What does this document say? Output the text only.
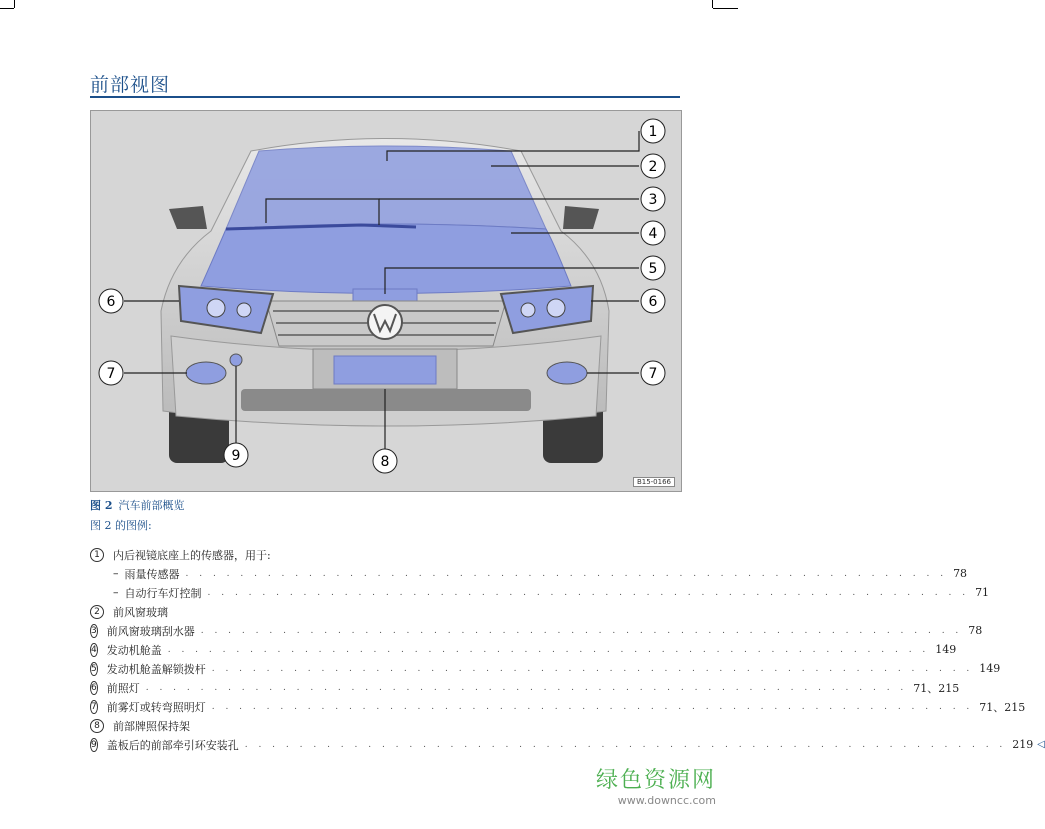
前部视图
1
2
3
4
5
6	6
7	7
8
9
B15-0166
图 2 汽车前部概览
图 2 的图例:
1	内后视镜底座上的传感器，用于:
– 雨量传感器 . . . . . . . . . . . . . . . . . . . . . . . . . . . . . . . . . . . . . . . . . . . . . . . . . . . . . . . . 78
– 自动行车灯控制 . . . . . . . . . . . . . . . . . . . . . . . . . . . . . . . . . . . . . . . . . . . . . . . . . . . . . . . . 71
2	前风窗玻璃
3 前风窗玻璃刮水器 . . . . . . . . . . . . . . . . . . . . . . . . . . . . . . . . . . . . . . . . . . . . . . . . . . . . . . . . 78
4 发动机舱盖 . . . . . . . . . . . . . . . . . . . . . . . . . . . . . . . . . . . . . . . . . . . . . . . . . . . . . . . . 149
5 发动机舱盖解锁拨杆 . . . . . . . . . . . . . . . . . . . . . . . . . . . . . . . . . . . . . . . . . . . . . . . . . . . . . . . . 149
6 前照灯 . . . . . . . . . . . . . . . . . . . . . . . . . . . . . . . . . . . . . . . . . . . . . . . . . . . . . . . . 71、215
7 前雾灯或转弯照明灯 . . . . . . . . . . . . . . . . . . . . . . . . . . . . . . . . . . . . . . . . . . . . . . . . . . . . . . . . 71、215
8	前部牌照保持架
9 盖板后的前部牵引环安装孔 . . . . . . . . . . . . . . . . . . . . . . . . . . . . . . . . . . . . . . . . . . . . . . . . . . . . . . . . 219 ◁
绿色资源网
www.downcc.com
